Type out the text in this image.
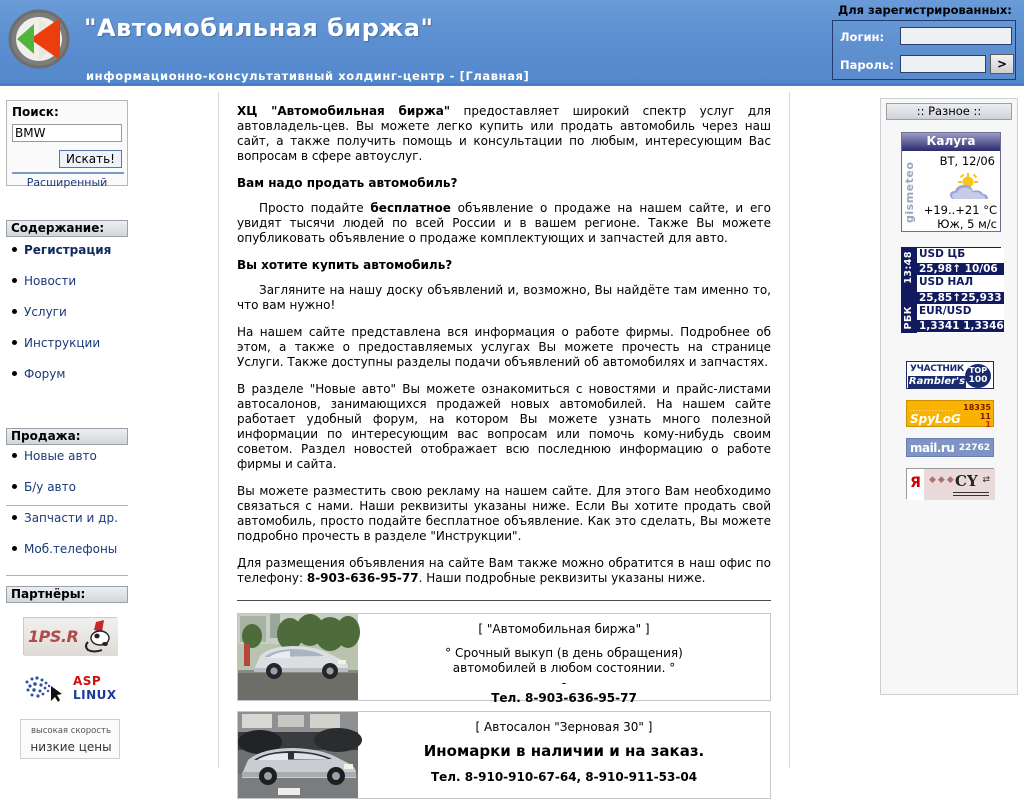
"Автомобильная биржа"
информационно-консультативный холдинг-центр - [Главная]
Для зарегистрированных:
Логин:
Пароль:	>
Поиск:
BMW
Искать!
Расширенный
Содержание:
Регистрация
Новости
Услуги
Инструкции
Форум
Продажа:
Новые авто
Б/у авто
Запчасти и др.
Моб.телефоны
Партнёры:
1PS.R
ASP
LINUX
высокая скорость
низкие цены

ХЦ "Автомобильная биржа" предоставляет широкий спектр услуг для автовладель-цев. Вы можете легко купить или продать автомобиль через наш сайт, а также получить помощь и консультации по любым, интересующим Вас вопросам в сфере автоуслуг.

Вам надо продать автомобиль?

Просто подайте бесплатное объявление о продаже на нашем сайте, и его увидят тысячи людей по всей России и в вашем регионе. Также Вы можете опубликовать объявление о продаже комплектующих и запчастей для авто.

Вы хотите купить автомобиль?

Загляните на нашу доску объявлений и, возможно, Вы найдёте там именно то, что вам нужно!

На нашем сайте представлена вся информация о работе фирмы. Подробнее об этом, а также о предоставляемых услугах Вы можете прочесть на странице Услуги. Также доступны разделы подачи объявлений об автомобилях и запчастях.

В разделе "Новые авто" Вы можете ознакомиться с новостями и прайс-листами автосалонов, занимающихся продажей новых автомобилей. На нашем сайте работает удобный форум, на котором Вы можете узнать много полезной информации по интересующим вас вопросам или помочь кому-нибудь своим советом. Раздел новостей отображает всю последнюю информацию о работе фирмы и сайта.

Вы можете разместить свою рекламу на нашем сайте. Для этого Вам необходимо связаться с нами. Наши реквизиты указаны ниже. Если Вы хотите продать свой автомобиль, просто подайте бесплатное объявление. Как это сделать, Вы можете подробно прочесть в разделе "Инструкции".

Для размещения объявления на сайте Вам также можно обратится в наш офис по телефону: 8-903-636-95-77. Наши подробные реквизиты указаны ниже.

[ "Автомобильная биржа" ]
° Срочный выкуп (в день обращения)
автомобилей в любом состоянии. °
-
Тел. 8-903-636-95-77
[ Автосалон "Зерновая 30" ]
Иномарки в наличии и на заказ.
Тел. 8-910-910-67-64, 8-910-911-53-04
:: Разное ::
Калуга
gismeteo
ВТ, 12/06
+19..+21 °C
Юж, 5 м/с
13:48
РБК
USD ЦБ
25,98↑ 10/06
USD НАЛ
25,85↑25,933
EUR/USD
1,3341 1,3346
УЧАСТНИК
Rambler's
TOP
100
SpyLoG
.............. 18335
11
1
mail.ru 22762
Я ◆◆◆ CY ⇄
